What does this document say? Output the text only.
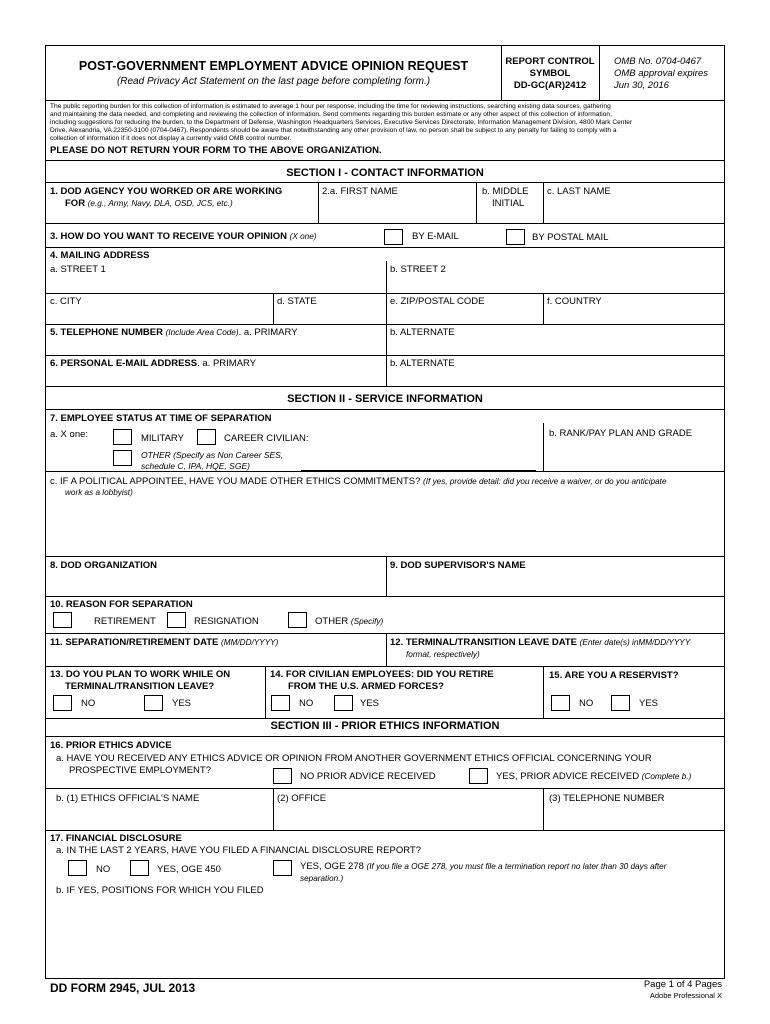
POST-GOVERNMENT EMPLOYMENT ADVICE OPINION REQUEST
(Read Privacy Act Statement on the last page before completing form.)
REPORT CONTROL
SYMBOL
DD-GC(AR)2412
OMB No. 0704-0467
OMB approval expires
Jun 30, 2016
The public reporting burden for this collection of information is estimated to average 1 hour per response, including the time for reviewing instructions, searching existing data sources, gathering
and maintaining the data needed, and completing and reviewing the collection of information. Send comments regarding this burden estimate or any other aspect of this collection of information,
including suggestions for reducing the burden, to the Department of Defense, Washington Headquarters Services, Executive Services Directorate, Information Management Division, 4800 Mark Center
Drive, Alexandria, VA 22350-3100 (0704-0467). Respondents should be aware that notwithstanding any other provision of law, no person shall be subject to any penalty for failing to comply with a
collection of information if it does not display a currently valid OMB control number.
PLEASE DO NOT RETURN YOUR FORM TO THE ABOVE ORGANIZATION.
SECTION I - CONTACT INFORMATION
1. DOD AGENCY YOU WORKED OR ARE WORKING
FOR (e.g., Army, Navy, DLA, OSD, JCS, etc.)
2.a. FIRST NAME	b. MIDDLE
INITIAL
c. LAST NAME
3. HOW DO YOU WANT TO RECEIVE YOUR OPINION (X one)	BY E-MAIL	BY POSTAL MAIL
4. MAILING ADDRESS
a. STREET 1	b. STREET 2
c. CITY	d. STATE	e. ZIP/POSTAL CODE	f. COUNTRY
5. TELEPHONE NUMBER (Include Area Code). a. PRIMARY	b. ALTERNATE
6. PERSONAL E-MAIL ADDRESS. a. PRIMARY	b. ALTERNATE
SECTION II - SERVICE INFORMATION
7. EMPLOYEE STATUS AT TIME OF SEPARATION
a. X one:	MILITARY	CAREER CIVILIAN:
OTHER (Specify as Non Career SES,
schedule C, IPA, HQE, SGE)
b. RANK/PAY PLAN AND GRADE
c. IF A POLITICAL APPOINTEE, HAVE YOU MADE OTHER ETHICS COMMITMENTS? (If yes, provide detail: did you receive a waiver, or do you anticipate
work as a lobbyist)
8. DOD ORGANIZATION	9. DOD SUPERVISOR'S NAME
10. REASON FOR SEPARATION
RETIREMENT	RESIGNATION	OTHER (Specify)
11. SEPARATION/RETIREMENT DATE (MM/DD/YYYY)	12. TERMINAL/TRANSITION LEAVE DATE (Enter date(s) inMM/DD/YYYY
format, respectively)
13. DO YOU PLAN TO WORK WHILE ON
TERMINAL/TRANSITION LEAVE?
NO	YES
14. FOR CIVILIAN EMPLOYEES: DID YOU RETIRE
FROM THE U.S. ARMED FORCES?
NO	YES
15. ARE YOU A RESERVIST?
NO	YES
SECTION III - PRIOR ETHICS INFORMATION
16. PRIOR ETHICS ADVICE
a. HAVE YOU RECEIVED ANY ETHICS ADVICE OR OPINION FROM ANOTHER GOVERNMENT ETHICS OFFICIAL CONCERNING YOUR
PROSPECTIVE EMPLOYMENT?
NO PRIOR ADVICE RECEIVED	YES, PRIOR ADVICE RECEIVED (Complete b.)
b. (1) ETHICS OFFICIAL'S NAME	(2) OFFICE	(3) TELEPHONE NUMBER
17. FINANCIAL DISCLOSURE
a. IN THE LAST 2 YEARS, HAVE YOU FILED A FINANCIAL DISCLOSURE REPORT?
NO	YES, OGE 450	YES, OGE 278 (If you file a OGE 278, you must file a termination report no later than 30 days after
separation.)
b. IF YES, POSITIONS FOR WHICH YOU FILED
DD FORM 2945, JUL 2013	Page 1 of 4 Pages
Adobe Professional X
